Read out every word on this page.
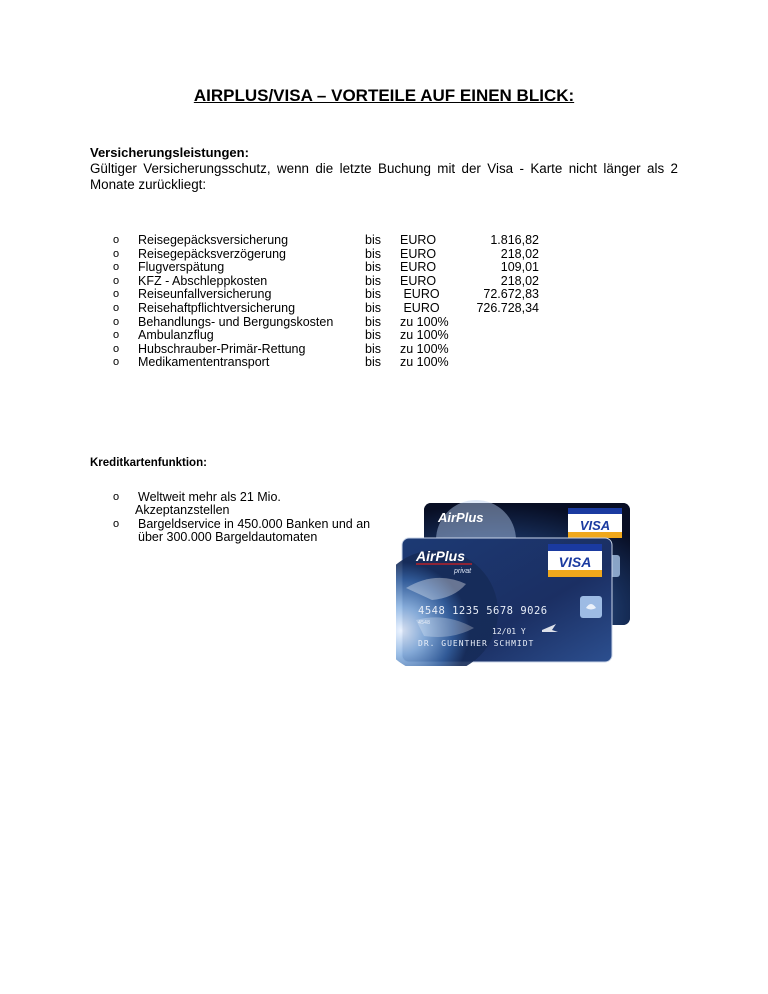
AIRPLUS/VISA – VORTEILE AUF EINEN BLICK:
Versicherungsleistungen:
Gültiger Versicherungsschutz, wenn die letzte Buchung mit der Visa - Karte nicht länger als 2 Monate zurückliegt:
o Reisegepäcksversicherung	bis EURO	1.816,82
o Reisegepäcksverzögerung	bis EURO	218,02
o Flugverspätung	bis EURO	109,01
o KFZ - Abschleppkosten	bis EURO	218,02
o Reiseunfallversicherung	bis EURO	72.672,83
o Reisehaftpflichtversicherung	bis EURO	726.728,34
o Behandlungs- und Bergungskosten	bis zu 100%
o Ambulanzflug	bis zu 100%
o Hubschrauber-Primär-Rettung	bis zu 100%
o Medikamententransport	bis zu 100%
Kreditkartenfunktion:
o Weltweit mehr als 21 Mio.
Akzeptanzstellen
o Bargeldservice in 450.000 Banken und an
über 300.000 Bargeldautomaten
AirPlus
VISA
AirPlus
privat
VISA
4548 1235 5678 9026
4548
12/01 Y
DR. GUENTHER SCHMIDT
